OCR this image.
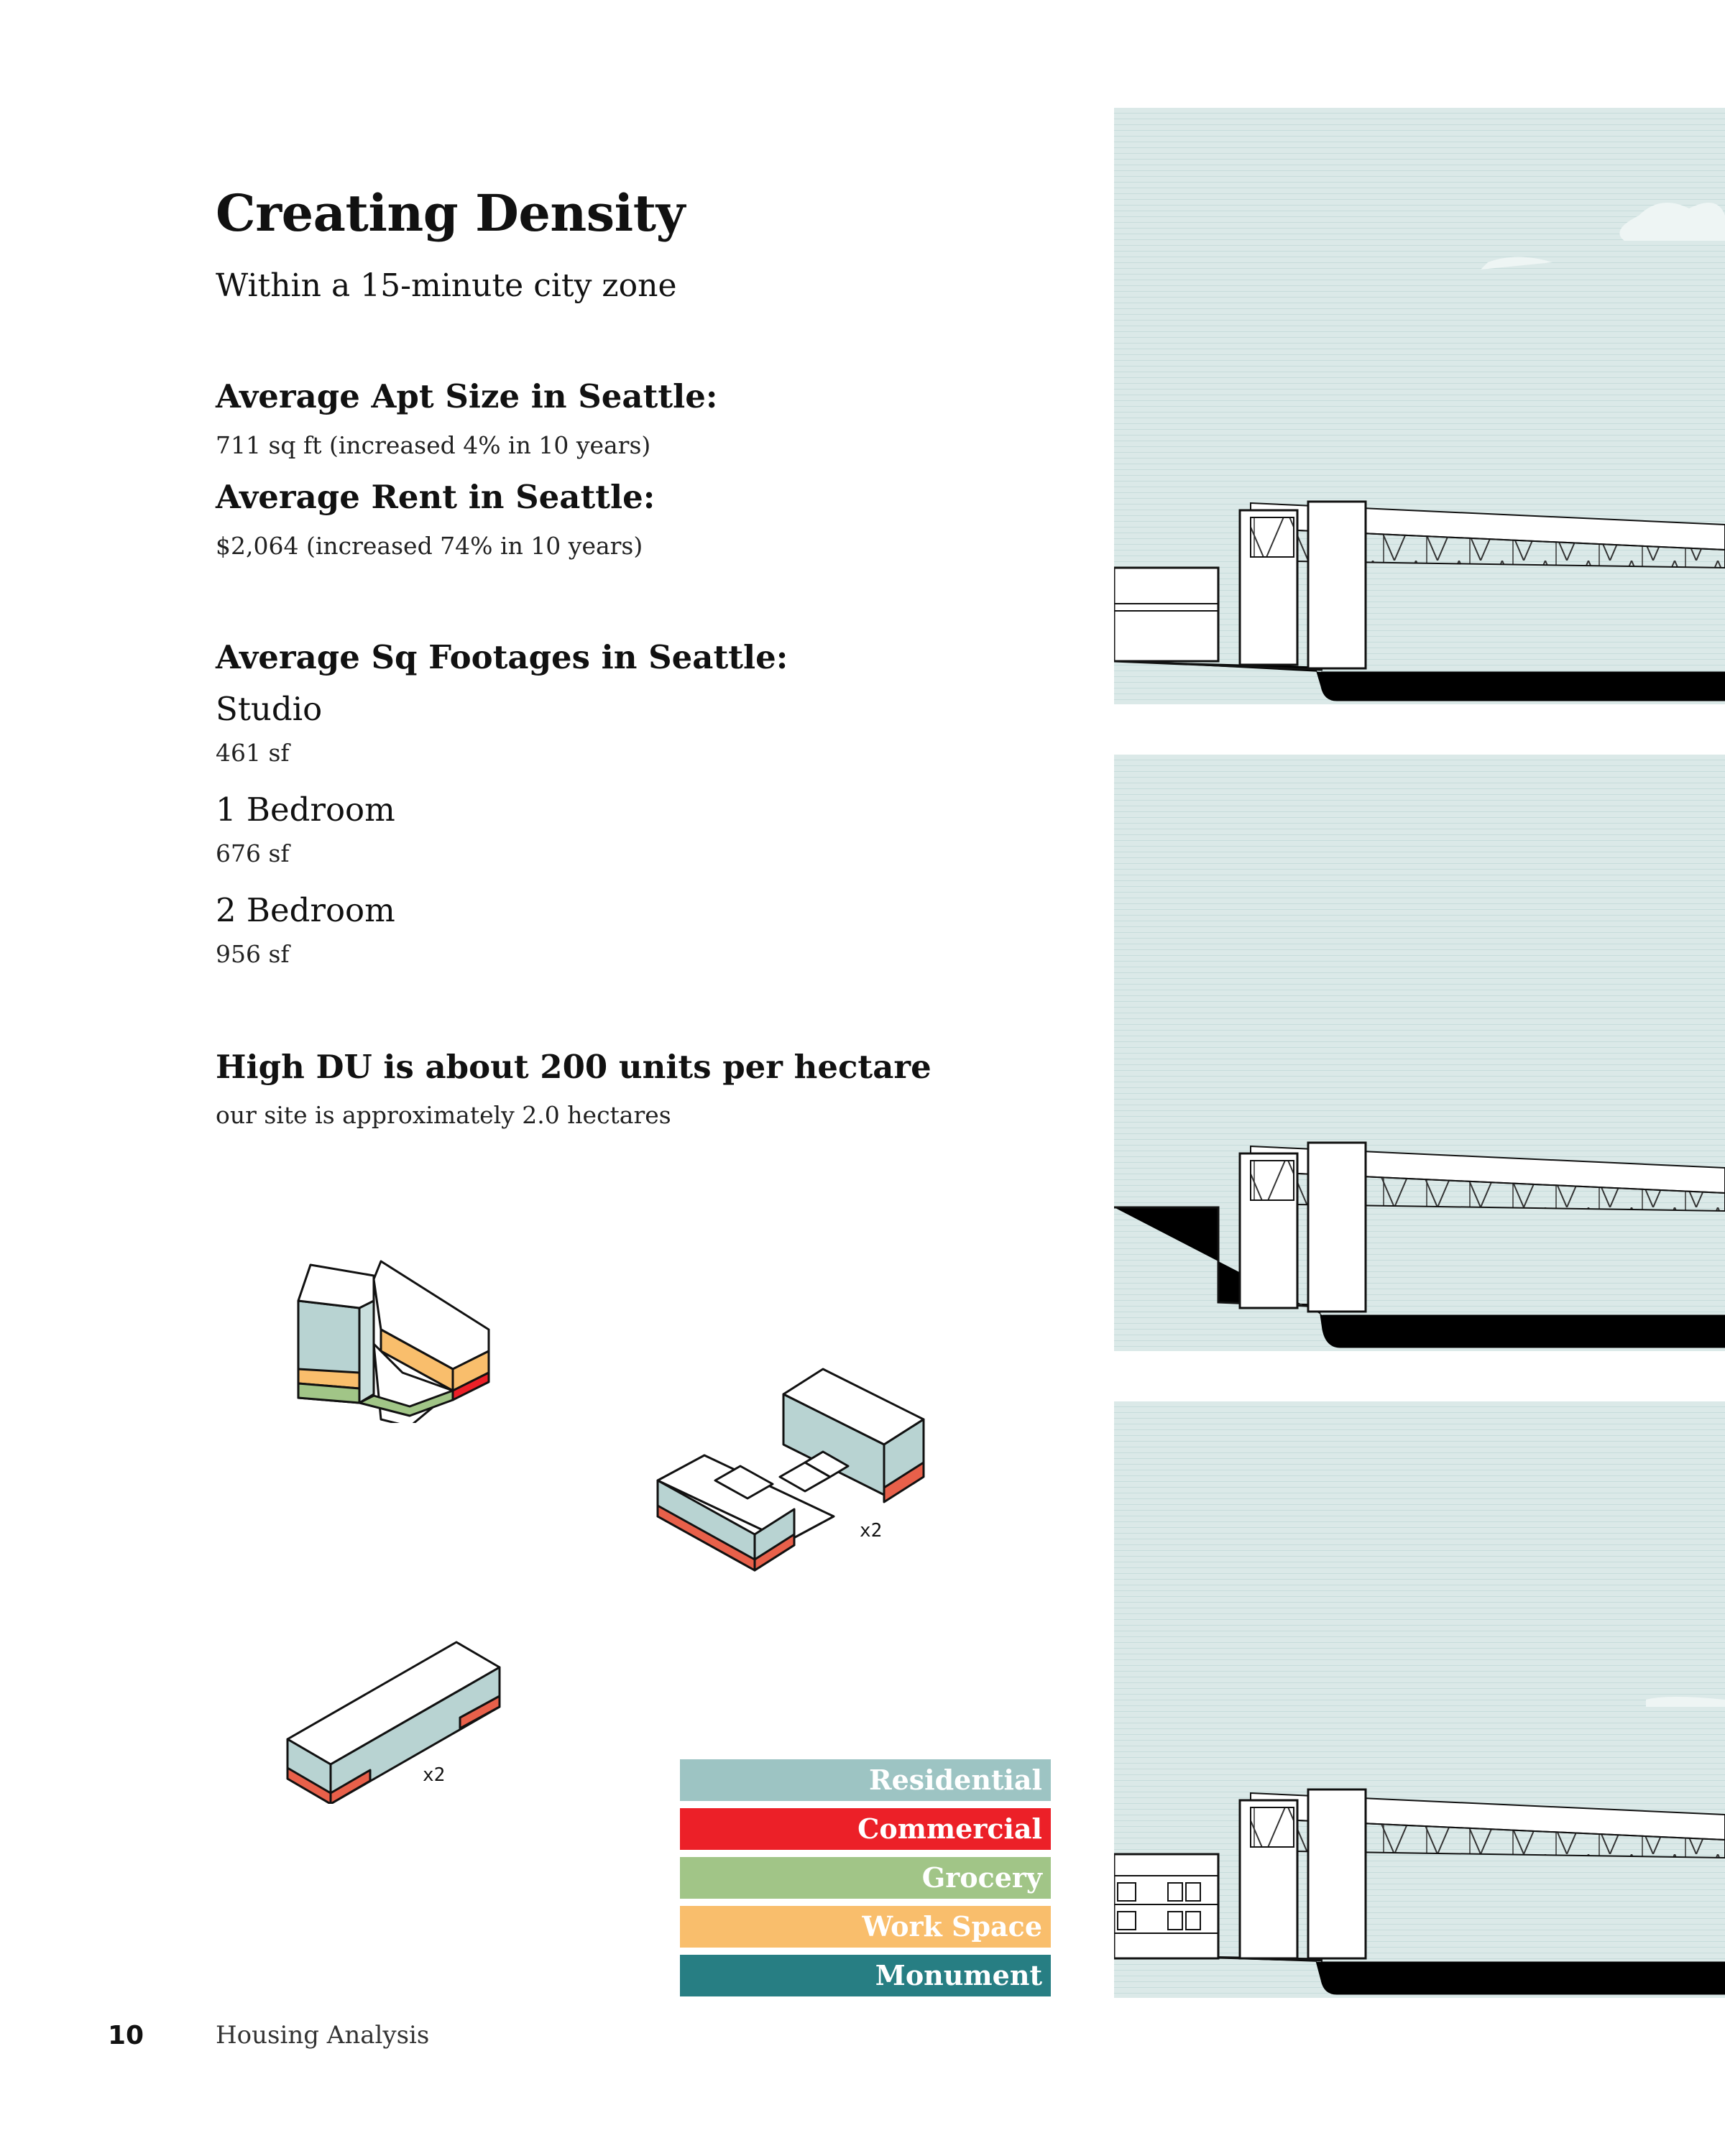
Creating Density
Within a 15-minute city zone
Average Apt Size in Seattle:
711 sq ft (increased 4% in 10 years)
Average Rent in Seattle:
$2,064 (increased 74% in 10 years)
Average Sq Footages in Seattle:
Studio
461 sf
1 Bedroom
676 sf
2 Bedroom
956 sf
High DU is about 200 units per hectare
our site is approximately 2.0 hectares
x2
x2	Residential
Commercial
Grocery
Work Space
Monument
10	Housing Analysis
